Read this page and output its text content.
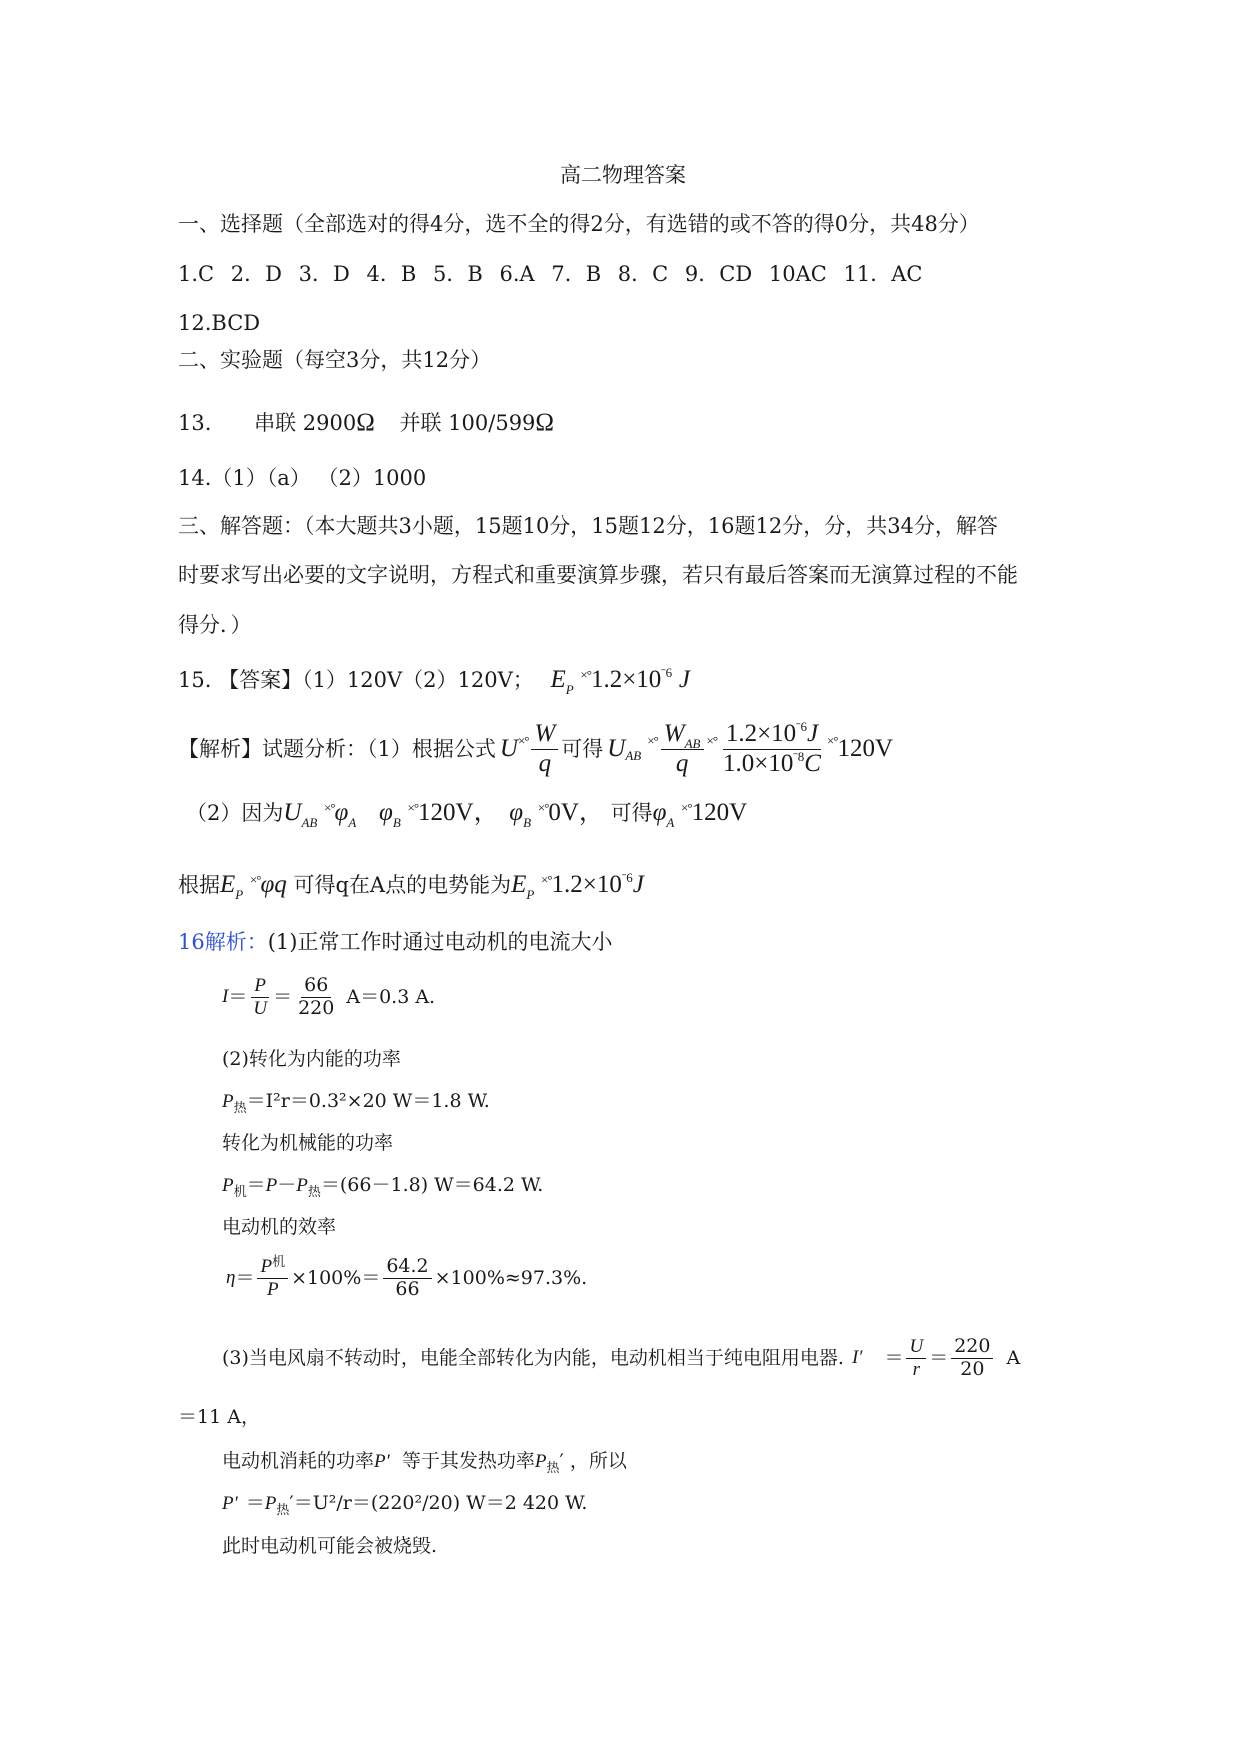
高二物理答案
一、选择题（全部选对的得4分，选不全的得2分，有选错的或不答的得0分，共48分）
1.C 2．D 3．D 4．B 5．B 6.A 7．B 8．C 9．CD 10AC 11．AC
12.BCD
二、实验题（每空3分，共12分）
13. 串联 2900Ω 并联 100/599Ω
14.（1）（a） （2）1000
三、解答题：（本大题共3小题，15题10分，15题12分，16题12分，分，共34分，解答
时要求写出必要的文字说明，方程式和重要演算步骤，若只有最后答案而无演算过程的不能
得分．）
15. 【答案】（1）120V（2）120V； $E_P$ $^{\times^\circ}1.2\times 10^{ˉ6}$ J
【解析】试题分析：（1）根据公式 U ×° $\frac{W}{q}$ 可得 U AB
×° $\frac{W_{AB}}{q}$ ×° $\frac{1.2\times 10^{ˉ6}J}{1.0\times 10^{ˉ8}C}$ ×° 120V
（2）因为$U_{AB}$ $^{\times^\circ}\varphi_A$ $\varphi_B$ ×°120V， $\varphi_B$ ×°0V， 可得$\varphi_A$ ×°120V
根据$E_P$ ×°φq 可得q在A点的电势能为$E_P$ $^{\times^\circ}1.2\times 10^{ˉ6}J$
16解析：(1)正常工作时通过电动机的电流大小
$I = \frac{P}{U} = \frac{66}{220} A=0.3$ A.
(2)转化为内能的功率
$P_热=I^2r=0.3^2\times 20$ W＝1.8 W.
转化为机械能的功率
$P_机=P-P_热=(66-1.8)$ W＝64.2 W.
电动机的效率
$\eta = \frac{P^机}{P} \times 100\%= \frac{64.2}{66} \times 100\%\approx 97.3\%$.
(3)当电风扇不转动时，电能全部转化为内能，电动机相当于纯电阻用电器. $I' = \frac{U}{r} = \frac{220}{20}$ A
＝11 A，
电动机消耗的功率P′ 等于其发热功率$P_热'$ ，所以
$P' =P_热'=U^2/r=(220^2/20)$ W＝2 420 W.
此时电动机可能会被烧毁.
